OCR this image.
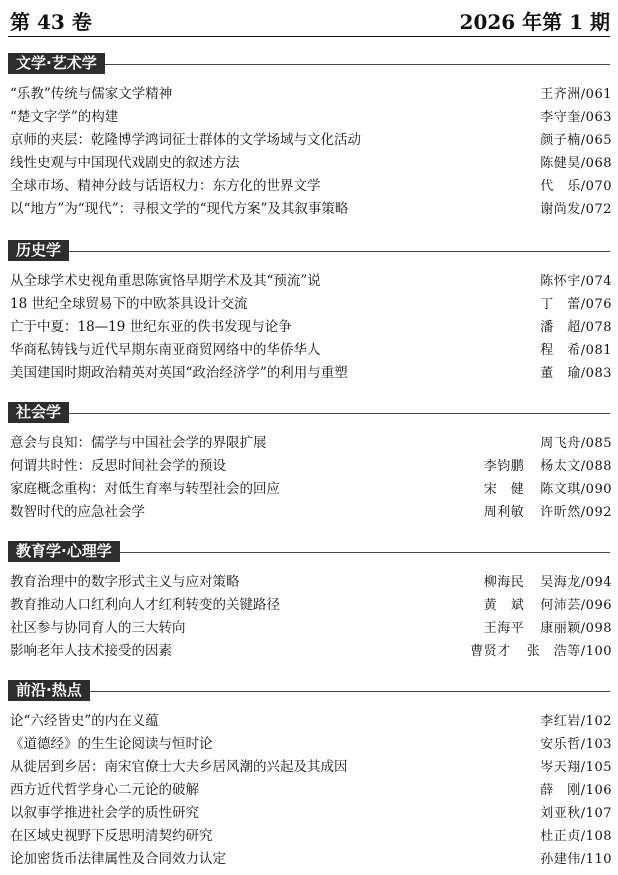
第 43 卷	2026 年第 1 期
文学·艺术学
“乐教”传统与儒家文学精神	王齐洲/061
“楚文字学”的构建	李守奎/063
京师的夹层：乾隆博学鸿词征士群体的文学场域与文化活动	颜子楠/065
线性史观与中国现代戏剧史的叙述方法	陈健昊/068
全球市场、精神分歧与话语权力：东方化的世界文学	代　乐/070
以“地方”为“现代”：寻根文学的“现代方案”及其叙事策略	谢尚发/072
历史学
从全球学术史视角重思陈寅恪早期学术及其“预流”说	陈怀宇/074
18 世纪全球贸易下的中欧茶具设计交流	丁　蕾/076
亡于中夏：18—19 世纪东亚的佚书发现与论争	潘　超/078
华商私铸钱与近代早期东南亚商贸网络中的华侨华人	程　希/081
美国建国时期政治精英对英国“政治经济学”的利用与重塑	董　瑜/083
社会学
意会与良知：儒学与中国社会学的界限扩展	周飞舟/085
何谓共时性：反思时间社会学的预设	李钧鹏 杨太文/088
家庭概念重构：对低生育率与转型社会的回应	宋　健 陈文琪/090
数智时代的应急社会学	周利敏 许昕然/092
教育学·心理学
教育治理中的数字形式主义与应对策略	柳海民 吴海龙/094
教育推动人口红利向人才红利转变的关键路径	黄　斌 何沛芸/096
社区参与协同育人的三大转向	王海平 康丽颖/098
影响老年人技术接受的因素	曹贤才 张　浩等/100
前沿·热点
论“六经皆史”的内在义蕴	李红岩/102
《道德经》的生生论阅读与恒时论	安乐哲/103
从徙居到乡居：南宋官僚士大夫乡居风潮的兴起及其成因	岑天翔/105
西方近代哲学身心二元论的破解	薛　刚/106
以叙事学推进社会学的质性研究	刘亚秋/107
在区域史视野下反思明清契约研究	杜正贞/108
论加密货币法律属性及合同效力认定	孙建伟/110
